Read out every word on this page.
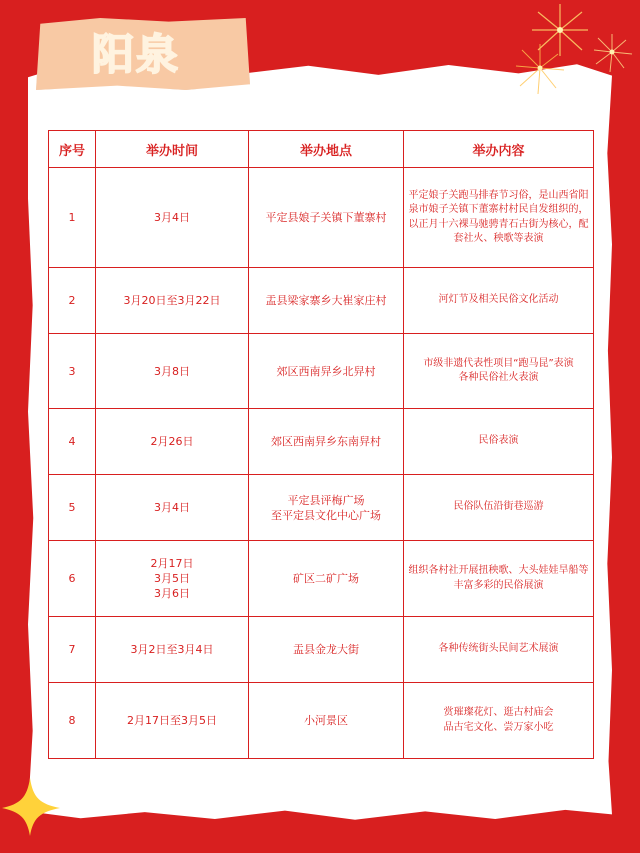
阳泉
序号	举办时间	举办地点	举办内容
1	3月4日	平定县娘子关镇下董寨村	平定娘子关跑马排春节习俗，是山西省阳泉市娘子关镇下董寨村村民自发组织的，以正月十六裸马驰骋青石古街为核心，配套社火、秧歌等表演

2	3月20日至3月22日	盂县梁家寨乡大崔家庄村	河灯节及相关民俗文化活动

3	3月8日	郊区西南舁乡北舁村	市级非遗代表性项目“跑马昆”表演
各种民俗社火表演

4	2月26日	郊区西南舁乡东南舁村	民俗表演

5	3月4日	平定县评梅广场
至平定县文化中心广场	民俗队伍沿街巷巡游

6	2月17日
3月5日
3月6日	矿区二矿广场	组织各村社开展扭秧歌、大头娃娃旱船等丰富多彩的民俗展演

7	3月2日至3月4日	盂县金龙大街	各种传统街头民间艺术展演

8	2月17日至3月5日	小河景区	赏璀璨花灯、逛古村庙会
品古宅文化、尝万家小吃
